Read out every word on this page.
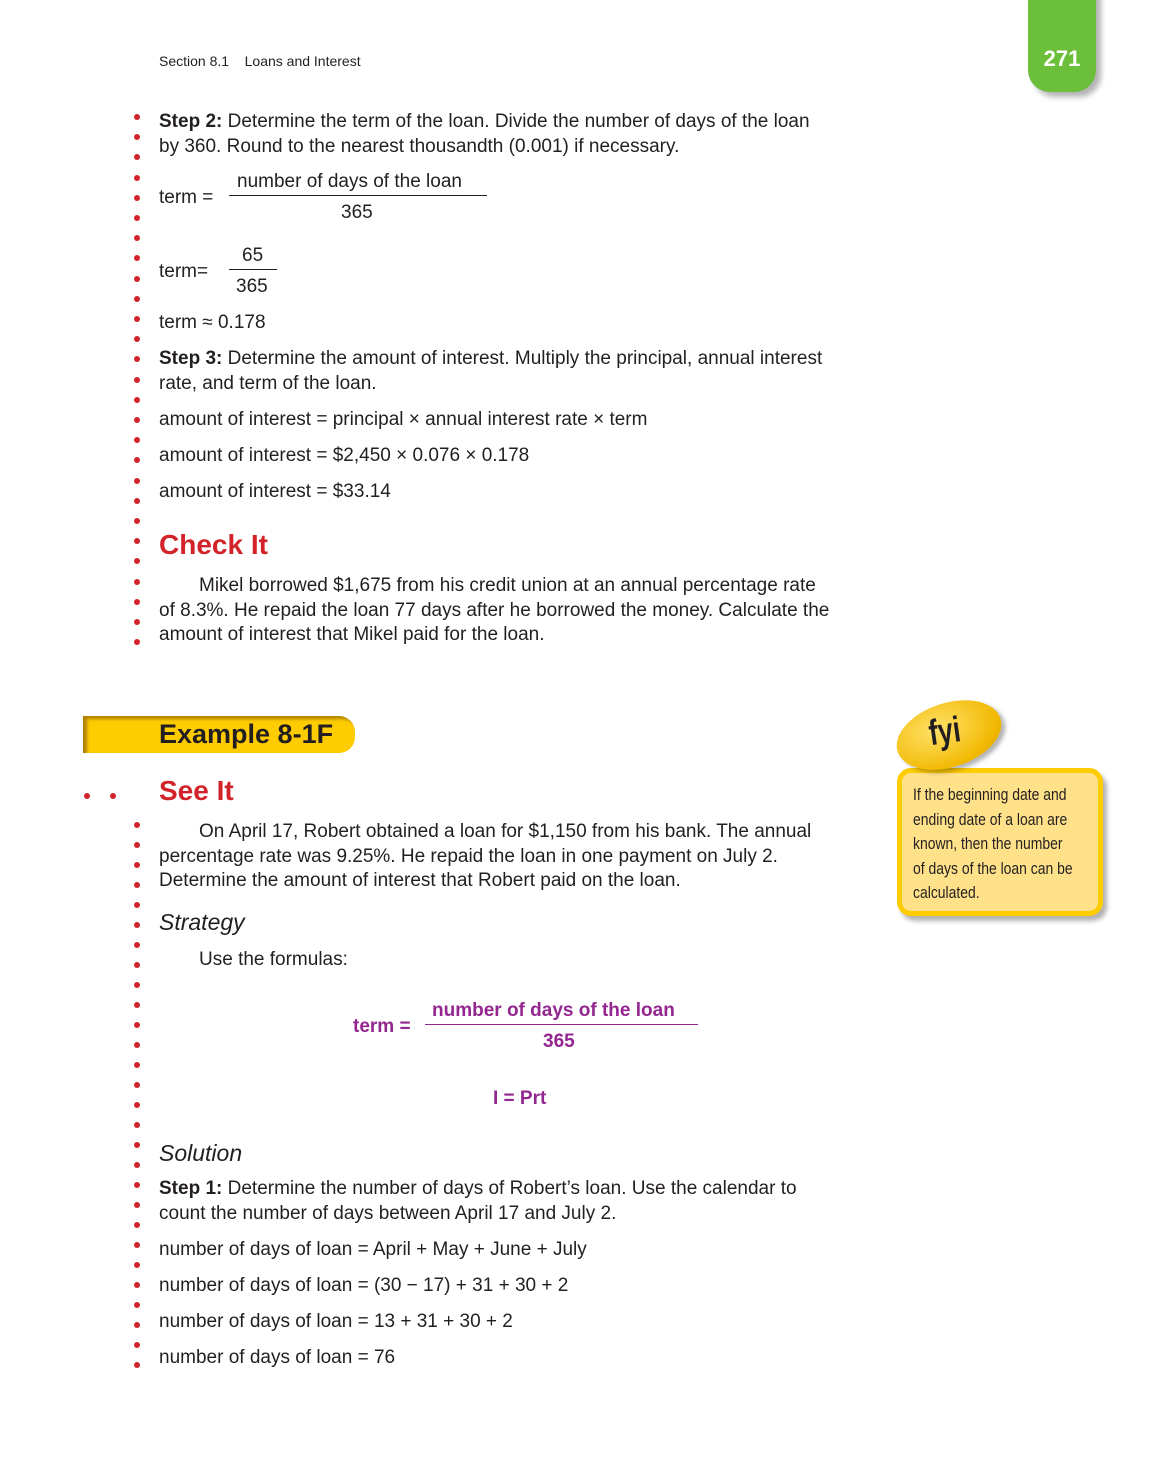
Section 8.1 Loans and Interest	271
Step 2: Determine the term of the loan. Divide the number of days of the loan
by 360. Round to the nearest thousandth (0.001) if necessary.
term =
number of days of the loan
365
term=
65
365
term ≈ 0.178
Step 3: Determine the amount of interest. Multiply the principal, annual interest
rate, and term of the loan.
amount of interest = principal × annual interest rate × term
amount of interest = $2,450 × 0.076 × 0.178
amount of interest = $33.14
Check It
Mikel borrowed $1,675 from his credit union at an annual percentage rate
of 8.3%. He repaid the loan 77 days after he borrowed the money. Calculate the
amount of interest that Mikel paid for the loan.
Example 8-1F
See It
On April 17, Robert obtained a loan for $1,150 from his bank. The annual
percentage rate was 9.25%. He repaid the loan in one payment on July 2.
Determine the amount of interest that Robert paid on the loan.
Strategy
Use the formulas:
term =
number of days of the loan
365
I = Prt
Solution
Step 1: Determine the number of days of Robert’s loan. Use the calendar to
count the number of days between April 17 and July 2.
number of days of loan = April + May + June + July
number of days of loan = (30 − 17) + 31 + 30 + 2
number of days of loan = 13 + 31 + 30 + 2
number of days of loan = 76
If the beginning date and
ending date of a loan are
known, then the number
of days of the loan can be
calculated.
fyi
